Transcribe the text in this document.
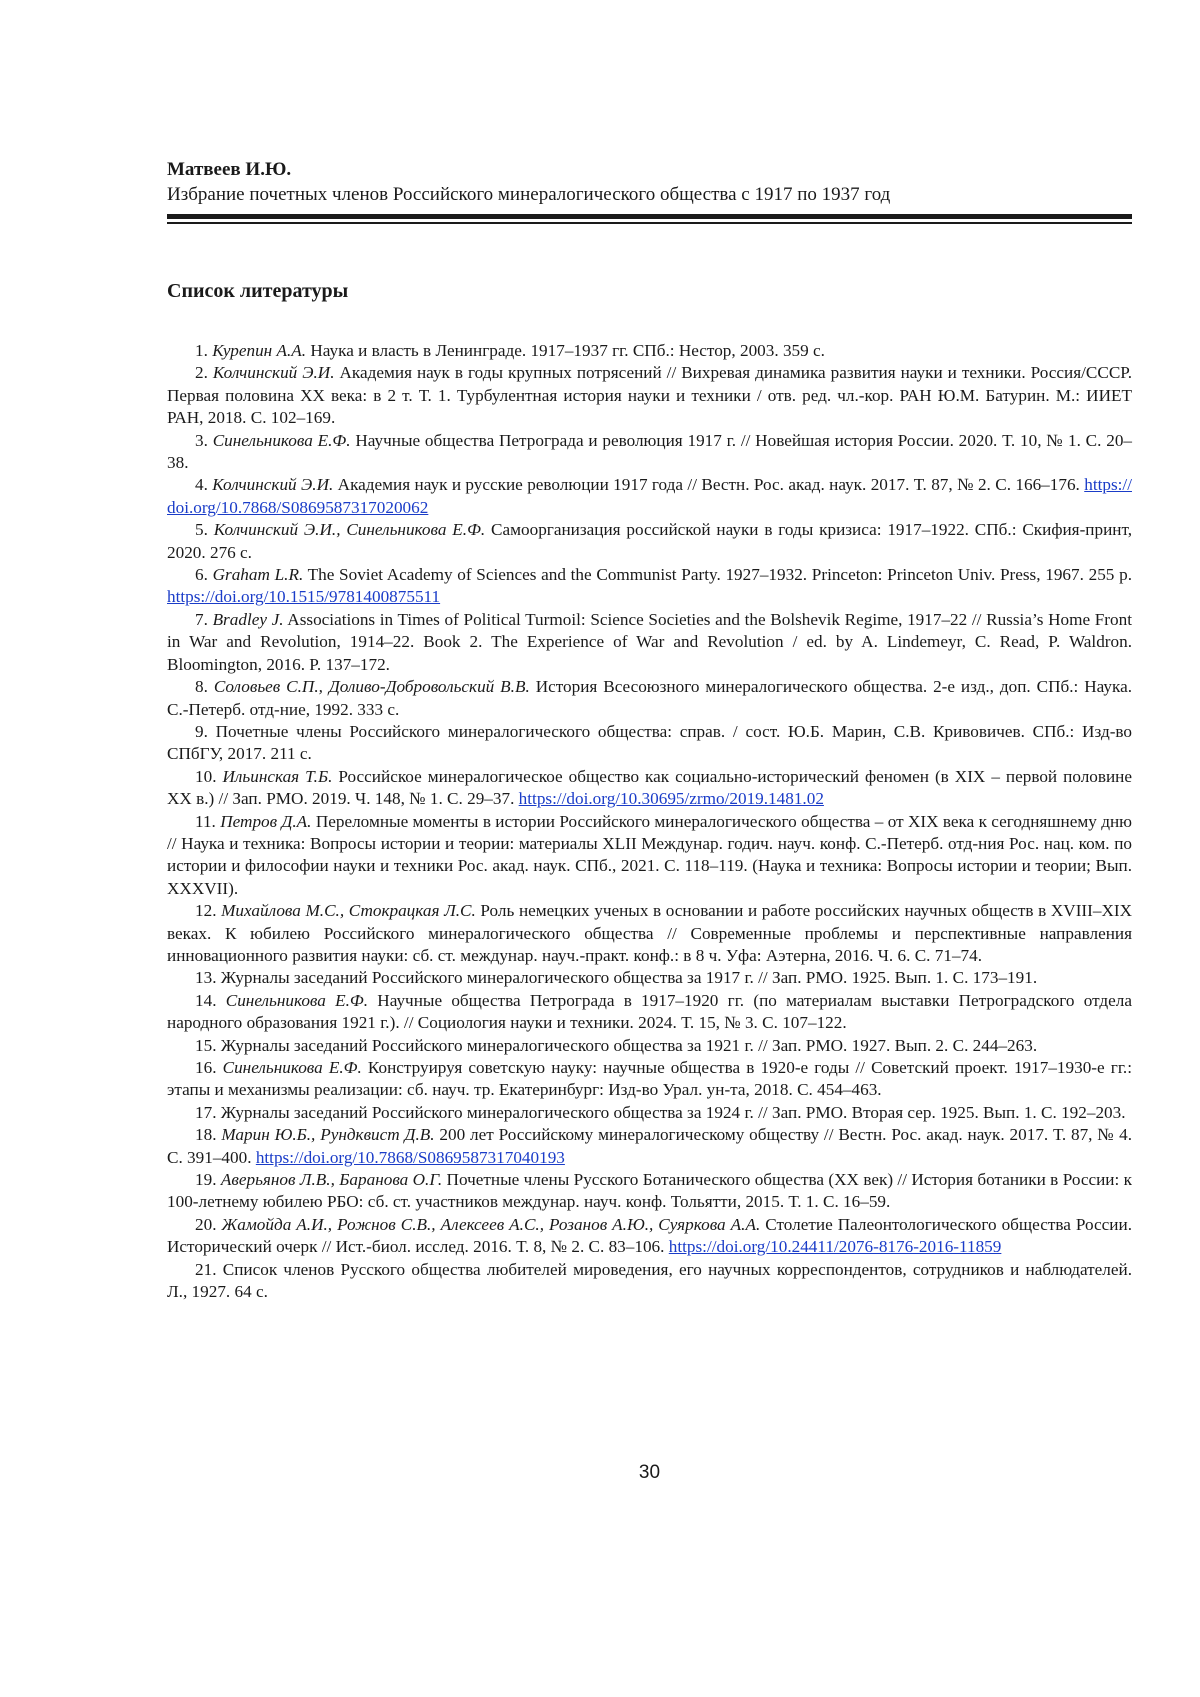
Матвеев И.Ю.
Избрание почетных членов Российского минералогического общества с 1917 по 1937 год
Список литературы

1. Курепин А.А. Наука и власть в Ленинграде. 1917–1937 гг. СПб.: Нестор, 2003. 359 с.

2. Колчинский Э.И. Академия наук в годы крупных потрясений // Вихревая динамика развития науки и техники. Россия/СССР. Первая половина XX века: в 2 т. Т. 1. Турбулентная история науки и техники / отв. ред. чл.-кор. РАН Ю.М. Батурин. М.: ИИЕТ РАН, 2018. С. 102–169.

3. Синельникова Е.Ф. Научные общества Петрограда и революция 1917 г. // Новейшая история России. 2020. Т. 10, № 1. С. 20–38.

4. Колчинский Э.И. Академия наук и русские революции 1917 года // Вестн. Рос. акад. наук. 2017. Т. 87, № 2. С. 166–176. https://doi.org/10.7868/S0869587317020062

5. Колчинский Э.И., Синельникова Е.Ф. Самоорганизация российской науки в годы кризиса: 1917–1922. СПб.: Скифия-принт, 2020. 276 с.

6. Graham L.R. The Soviet Academy of Sciences and the Communist Party. 1927–1932. Princeton: Princeton Univ. Press, 1967. 255 p. https://doi.org/10.1515/9781400875511

7. Bradley J. Associations in Times of Political Turmoil: Science Societies and the Bolshevik Regime, 1917–22 // Russia’s Home Front in War and Revolution, 1914–22. Book 2. The Experience of War and Revolution / ed. by A. Lindemeyr, C. Read, P. Waldron. Bloomington, 2016. P. 137–172.

8. Соловьев С.П., Доливо-Добровольский В.В. История Всесоюзного минералогического общества. 2-е изд., доп. СПб.: Наука. С.-Петерб. отд-ние, 1992. 333 с.

9. Почетные члены Российского минералогического общества: справ. / сост. Ю.Б. Марин, С.В. Кривовичев. СПб.: Изд-во СПбГУ, 2017. 211 с.

10. Ильинская Т.Б. Российское минералогическое общество как социально-исторический феномен (в XIX – первой половине XX в.) // Зап. РМО. 2019. Ч. 148, № 1. С. 29–37. https://doi.org/10.30695/zrmo/2019.1481.02

11. Петров Д.А. Переломные моменты в истории Российского минералогического общества – от XIX века к сегодняшнему дню // Наука и техника: Вопросы истории и теории: материалы XLII Междунар. годич. науч. конф. С.-Петерб. отд-ния Рос. нац. ком. по истории и философии науки и техники Рос. акад. наук. СПб., 2021. С. 118–119. (Наука и техника: Вопросы истории и теории; Вып. XXXVII).

12. Михайлова М.С., Стокрацкая Л.С. Роль немецких ученых в основании и работе российских научных обществ в XVIII–XIX веках. К юбилею Российского минералогического общества // Современные проблемы и перспективные направления инновационного развития науки: сб. ст. междунар. науч.-практ. конф.: в 8 ч. Уфа: Аэтерна, 2016. Ч. 6. С. 71–74.

13. Журналы заседаний Российского минералогического общества за 1917 г. // Зап. РМО. 1925. Вып. 1. С. 173–191.

14. Синельникова Е.Ф. Научные общества Петрограда в 1917–1920 гг. (по материалам выставки Петроградского отдела народного образования 1921 г.). // Социология науки и техники. 2024. Т. 15, № 3. С. 107–122.

15. Журналы заседаний Российского минералогического общества за 1921 г. // Зап. РМО. 1927. Вып. 2. С. 244–263.

16. Синельникова Е.Ф. Конструируя советскую науку: научные общества в 1920-е годы // Советский проект. 1917–1930-е гг.: этапы и механизмы реализации: сб. науч. тр. Екатеринбург: Изд-во Урал. ун-та, 2018. С. 454–463.

17. Журналы заседаний Российского минералогического общества за 1924 г. // Зап. РМО. Вторая сер. 1925. Вып. 1. С. 192–203.

18. Марин Ю.Б., Рундквист Д.В. 200 лет Российскому минералогическому обществу // Вестн. Рос. акад. наук. 2017. Т. 87, № 4. С. 391–400. https://doi.org/10.7868/S0869587317040193

19. Аверьянов Л.В., Баранова О.Г. Почетные члены Русского Ботанического общества (XX век) // История ботаники в России: к 100-летнему юбилею РБО: сб. ст. участников междунар. науч. конф. Тольятти, 2015. Т. 1. С. 16–59.

20. Жамойда А.И., Рожнов С.В., Алексеев А.С., Розанов А.Ю., Суяркова А.А. Столетие Палеонтологического общества России. Исторический очерк // Ист.-биол. исслед. 2016. Т. 8, № 2. С. 83–106. https://doi.org/10.24411/2076-8176-2016-11859

21. Список членов Русского общества любителей мироведения, его научных корреспондентов, сотрудников и наблюдателей. Л., 1927. 64 с.

30
